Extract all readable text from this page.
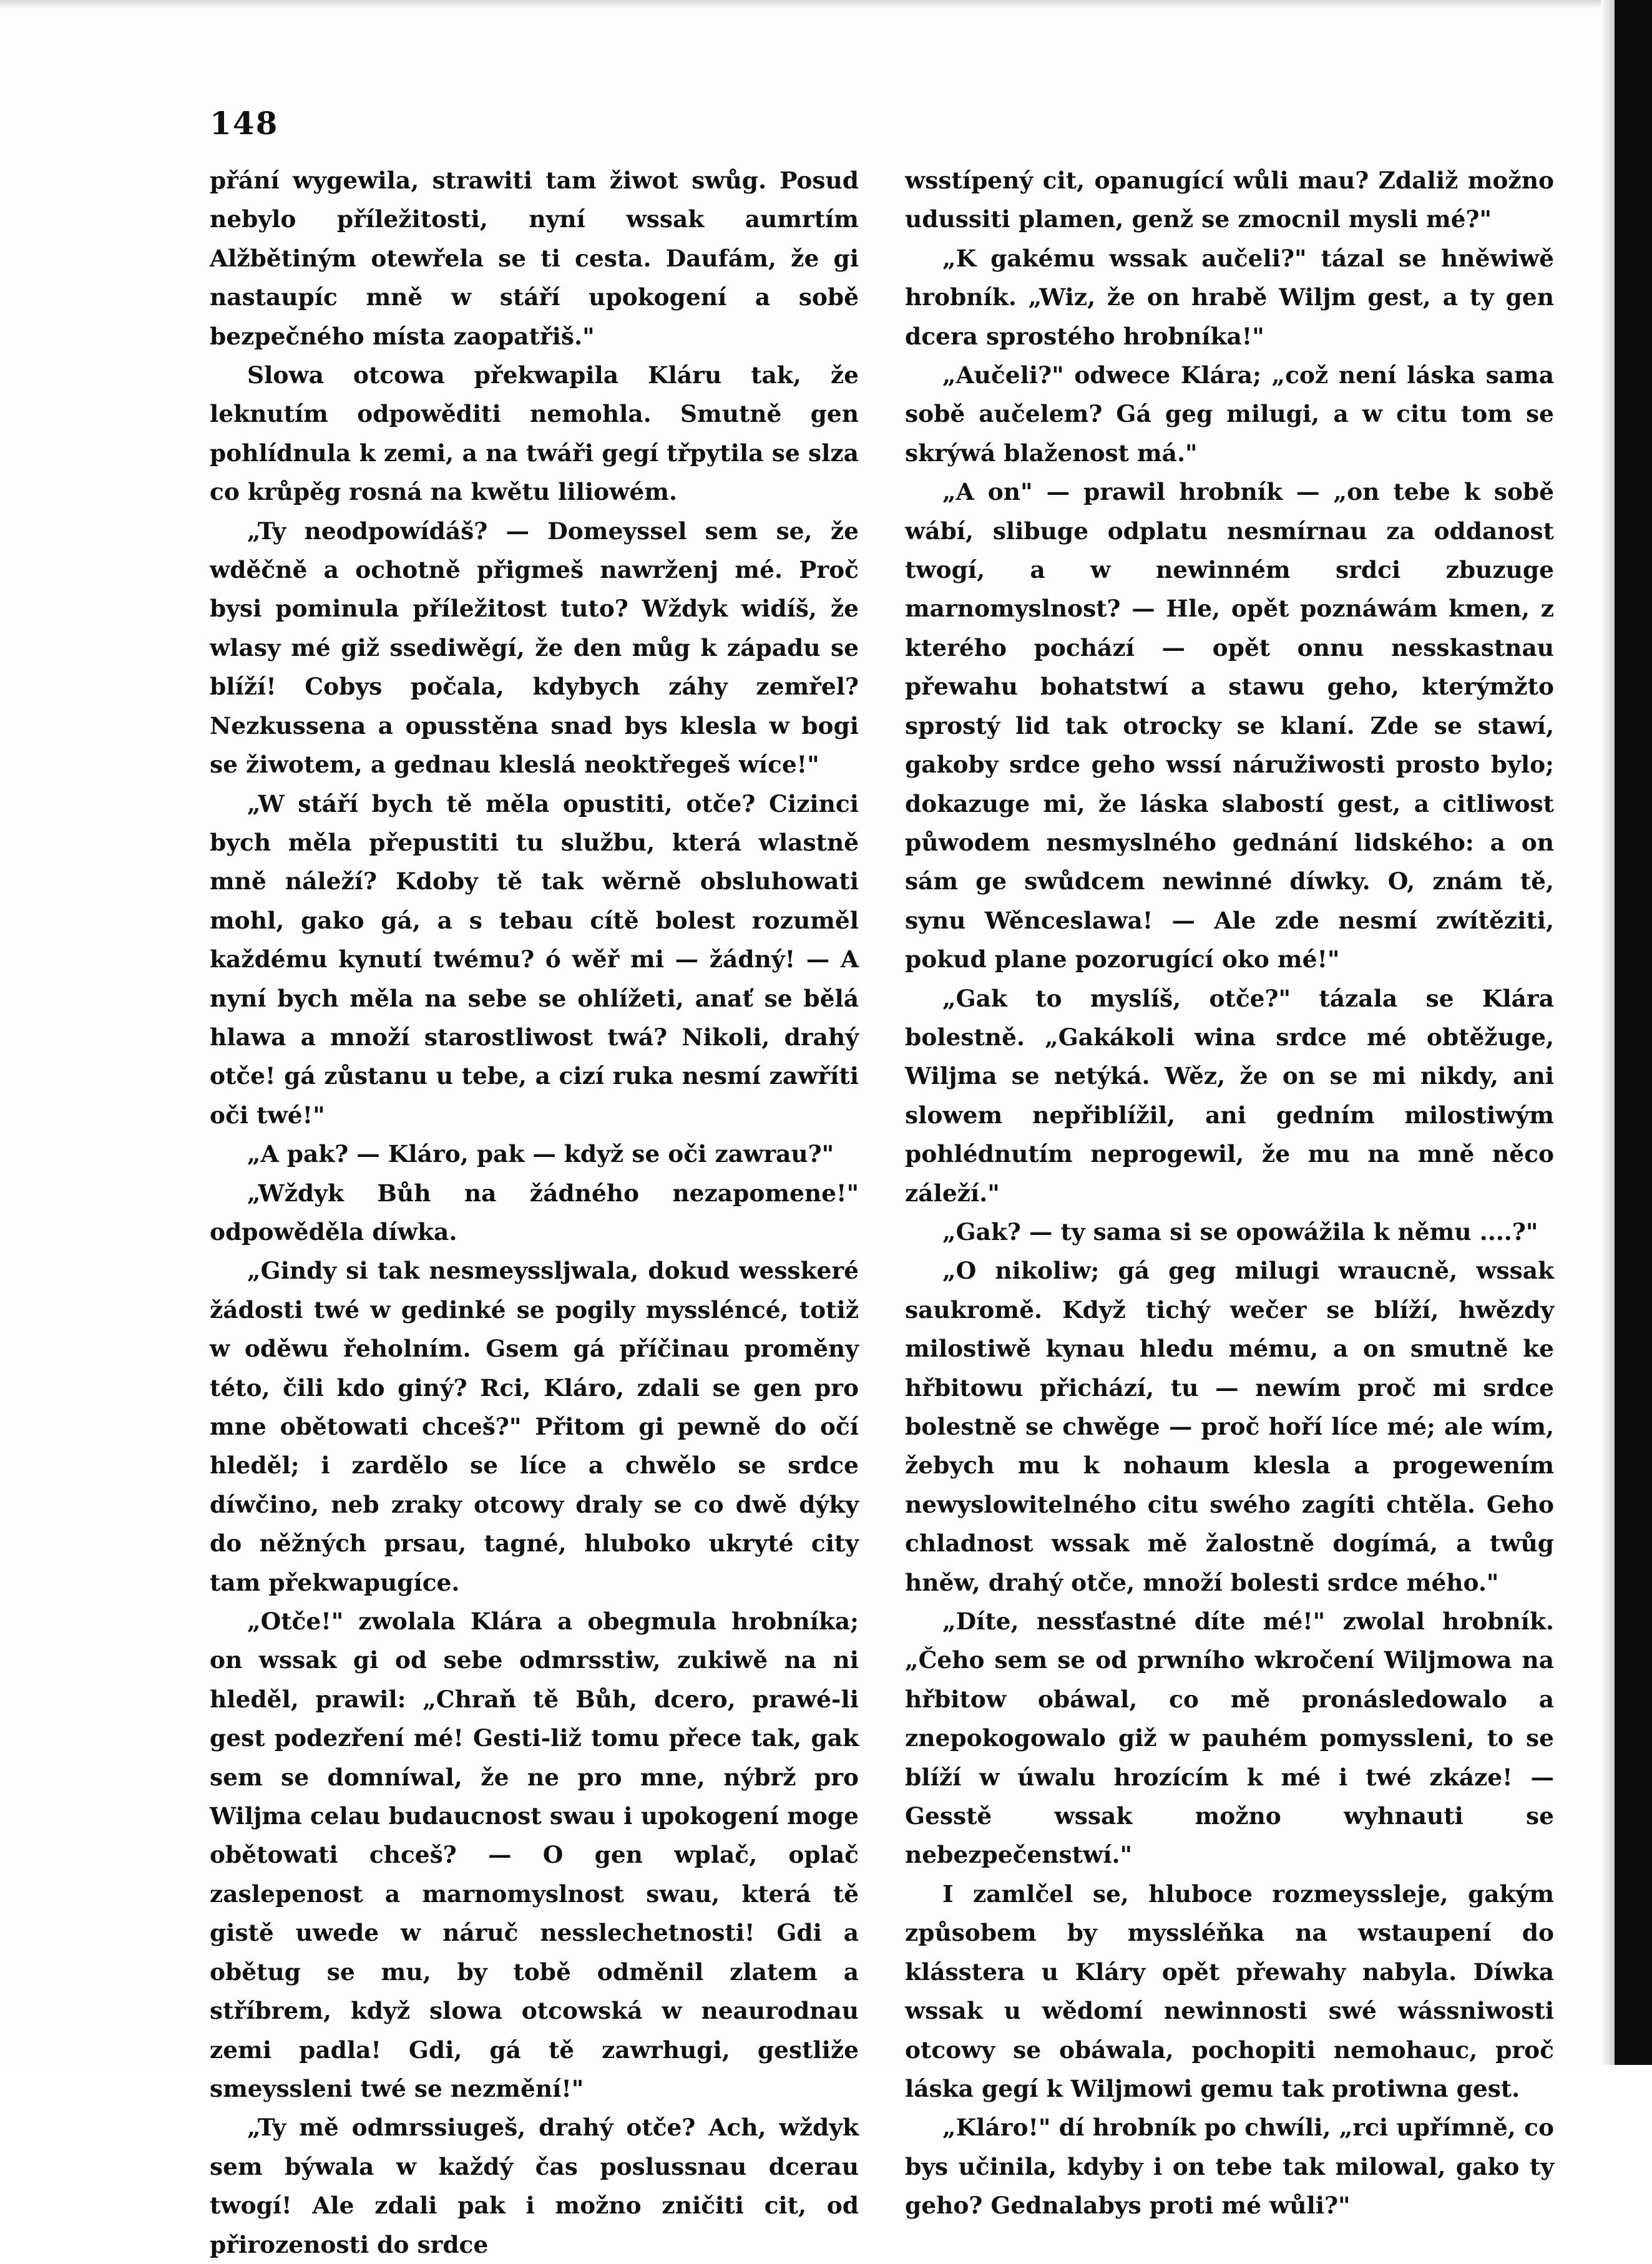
148

přání wygewila, strawiti tam žiwot swůg. Posud nebylo příležitosti, nyní wssak aumrtím Alžbětiným otewřela se ti cesta. Daufám, že gi nastaupíc mně w stáří upokogení a sobě bezpečného místa zaopatřiš."

Slowa otcowa překwapila Kláru tak, že leknutím odpowěditi nemohla. Smutně gen pohlídnula k zemi, a na twáři gegí třpytila se slza co krůpěg rosná na kwětu liliowém.

„Ty neodpowídáš? — Domeyssel sem se, že wděčně a ochotně přigmeš nawrženj mé. Proč bysi pominula příležitost tuto? Wždyk widíš, že wlasy mé giž ssediwěgí, že den můg k západu se blíží! Cobys počala, kdybych záhy zemřel? Nezkussena a opusstěna snad bys klesla w bogi se žiwotem, a gednau kleslá neoktřegeš wíce!"

„W stáří bych tě měla opustiti, otče? Cizinci bych měla přepustiti tu službu, která wlastně mně náleží? Kdoby tě tak wěrně obsluhowati mohl, gako gá, a s tebau cítě bolest rozuměl každému kynutí twému? ó wěř mi — žádný! — A nyní bych měla na sebe se ohlížeti, anať se bělá hlawa a množí starostliwost twá? Nikoli, drahý otče! gá zůstanu u tebe, a cizí ruka nesmí zawříti oči twé!"

„A pak? — Kláro, pak — když se oči zawrau?"

„Wždyk Bůh na žádného nezapomene!" odpowěděla díwka.

„Gindy si tak nesmeyssljwala, dokud wesskeré žádosti twé w gedinké se pogily myssléncé, totiž w oděwu řeholním. Gsem gá příčinau proměny této, čili kdo giný? Rci, Kláro, zdali se gen pro mne obětowati chceš?" Přitom gi pewně do očí hleděl; i zardělo se líce a chwělo se srdce díwčino, neb zraky otcowy draly se co dwě dýky do něžných prsau, tagné, hluboko ukryté city tam překwapugíce.

„Otče!" zwolala Klára a obegmula hrobníka; on wssak gi od sebe odmrsstiw, zukiwě na ni hleděl, prawil: „Chraň tě Bůh, dcero, prawé-li gest podezření mé! Gesti-liž tomu přece tak, gak sem se domníwal, že ne pro mne, nýbrž pro Wiljma celau budaucnost swau i upokogení moge obětowati chceš? — O gen wplač, oplač zaslepenost a marnomyslnost swau, která tě gistě uwede w náruč nesslechetnosti! Gdi a obětug se mu, by tobě odměnil zlatem a stříbrem, když slowa otcowská w neaurodnau zemi padla! Gdi, gá tě zawrhugi, gestliže smeyssleni twé se nezmění!"

„Ty mě odmrssiugeš, drahý otče? Ach, wždyk sem býwala w každý čas poslussnau dcerau twogí! Ale zdali pak i možno zničiti cit, od přirozenosti do srdce

wsstípený cit, opanugící wůli mau? Zdaliž možno udussiti plamen, genž se zmocnil mysli mé?"

„K gakému wssak aučeli?" tázal se hněwiwě hrobník. „Wiz, že on hrabě Wiljm gest, a ty gen dcera sprostého hrobníka!"

„Aučeli?" odwece Klára; „což není láska sama sobě aučelem? Gá geg milugi, a w citu tom se skrýwá blaženost má."

„A on" — prawil hrobník — „on tebe k sobě wábí, slibuge odplatu nesmírnau za oddanost twogí, a w newinném srdci zbuzuge marnomyslnost? — Hle, opět poznáwám kmen, z kterého pochází — opět onnu nesskastnau přewahu bohatstwí a stawu geho, kterýmžto sprostý lid tak otrocky se klaní. Zde se stawí, gakoby srdce geho wssí náružiwosti prosto bylo; dokazuge mi, že láska slabostí gest, a citliwost půwodem nesmyslného gednání lidského: a on sám ge swůdcem newinné díwky. O, znám tě, synu Wěnceslawa! — Ale zde nesmí zwítěziti, pokud plane pozorugící oko mé!"

„Gak to myslíš, otče?" tázala se Klára bolestně. „Gakákoli wina srdce mé obtěžuge, Wiljma se netýká. Wěz, že on se mi nikdy, ani slowem nepřiblížil, ani gedním milostiwým pohlédnutím neprogewil, že mu na mně něco záleží."

„Gak? — ty sama si se opowážila k němu ....?"

„O nikoliw; gá geg milugi wraucně, wssak saukromě. Když tichý wečer se blíží, hwězdy milostiwě kynau hledu mému, a on smutně ke hřbitowu přichází, tu — newím proč mi srdce bolestně se chwěge — proč hoří líce mé; ale wím, žebych mu k nohaum klesla a progewením newyslowitelného citu swého zagíti chtěla. Geho chladnost wssak mě žalostně dogímá, a twůg hněw, drahý otče, množí bolesti srdce mého."

„Díte, nessťastné díte mé!" zwolal hrobník. „Čeho sem se od prwního wkročení Wiljmowa na hřbitow obáwal, co mě pronásledowalo a znepokogowalo giž w pauhém pomyssleni, to se blíží w úwalu hrozícím k mé i twé zkáze! — Gesstě wssak možno wyhnauti se nebezpečenstwí."

I zamlčel se, hluboce rozmeyssleje, gakým způsobem by myssléňka na wstaupení do klásstera u Kláry opět přewahy nabyla. Díwka wssak u wědomí newinnosti swé wássniwosti otcowy se obáwala, pochopiti nemohauc, proč láska gegí k Wiljmowi gemu tak protiwna gest.

„Kláro!" dí hrobník po chwíli, „rci upřímně, co bys učinila, kdyby i on tebe tak milowal, gako ty geho? Gednalabys proti mé wůli?"
